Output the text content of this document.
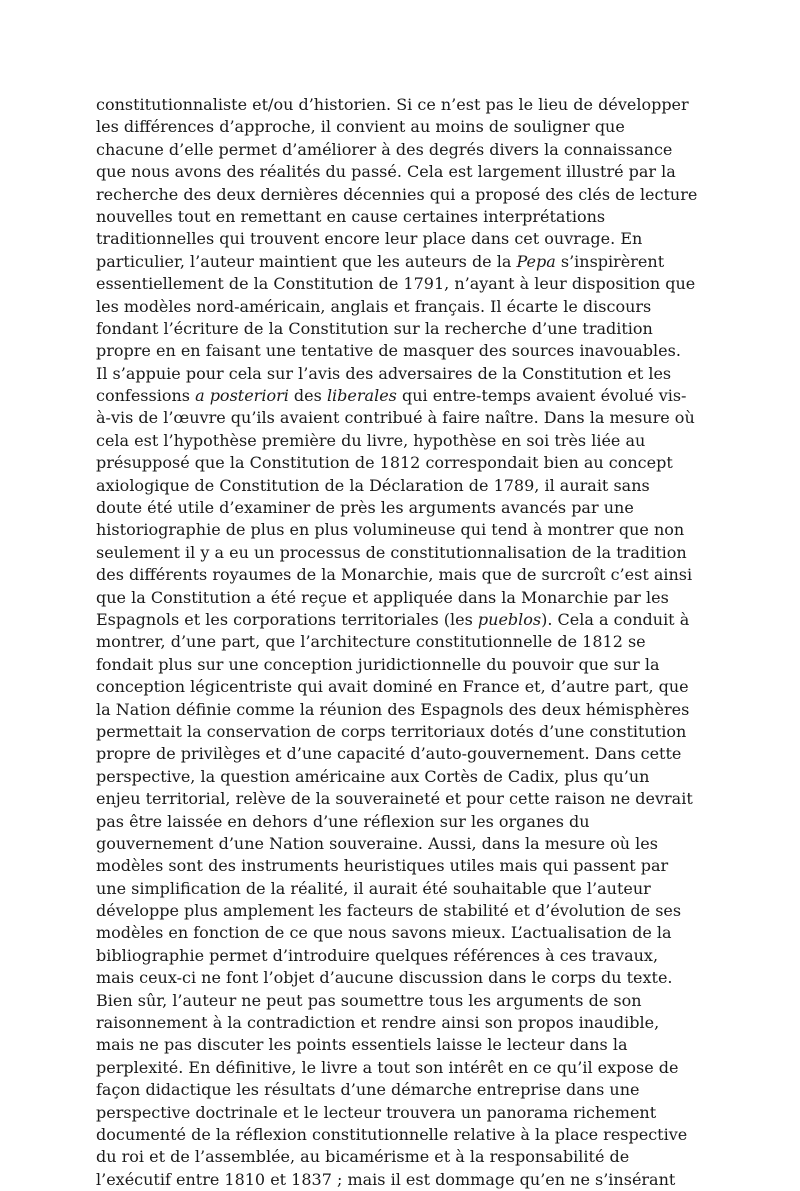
constitutionnaliste et/ou d’historien. Si ce n’est pas le lieu de développer
les différences d’approche, il convient au moins de souligner que
chacune d’elle permet d’améliorer à des degrés divers la connaissance
que nous avons des réalités du passé. Cela est largement illustré par la
recherche des deux dernières décennies qui a proposé des clés de lecture
nouvelles tout en remettant en cause certaines interprétations
traditionnelles qui trouvent encore leur place dans cet ouvrage. En
particulier, l’auteur maintient que les auteurs de la Pepa s’inspirèrent
essentiellement de la Constitution de 1791, n’ayant à leur disposition que
les modèles nord-américain, anglais et français. Il écarte le discours
fondant l’écriture de la Constitution sur la recherche d’une tradition
propre en en faisant une tentative de masquer des sources inavouables.
Il s’appuie pour cela sur l’avis des adversaires de la Constitution et les
confessions a posteriori des liberales qui entre-temps avaient évolué vis-
à-vis de l’œuvre qu’ils avaient contribué à faire naître. Dans la mesure où
cela est l’hypothèse première du livre, hypothèse en soi très liée au
présupposé que la Constitution de 1812 correspondait bien au concept
axiologique de Constitution de la Déclaration de 1789, il aurait sans
doute été utile d’examiner de près les arguments avancés par une
historiographie de plus en plus volumineuse qui tend à montrer que non
seulement il y a eu un processus de constitutionnalisation de la tradition
des différents royaumes de la Monarchie, mais que de surcroît c’est ainsi
que la Constitution a été reçue et appliquée dans la Monarchie par les
Espagnols et les corporations territoriales (les pueblos). Cela a conduit à
montrer, d’une part, que l’architecture constitutionnelle de 1812 se
fondait plus sur une conception juridictionnelle du pouvoir que sur la
conception légicentriste qui avait dominé en France et, d’autre part, que
la Nation définie comme la réunion des Espagnols des deux hémisphères
permettait la conservation de corps territoriaux dotés d’une constitution
propre de privilèges et d’une capacité d’auto-gouvernement. Dans cette
perspective, la question américaine aux Cortès de Cadix, plus qu’un
enjeu territorial, relève de la souveraineté et pour cette raison ne devrait
pas être laissée en dehors d’une réflexion sur les organes du
gouvernement d’une Nation souveraine. Aussi, dans la mesure où les
modèles sont des instruments heuristiques utiles mais qui passent par
une simplification de la réalité, il aurait été souhaitable que l’auteur
développe plus amplement les facteurs de stabilité et d’évolution de ses
modèles en fonction de ce que nous savons mieux. L’actualisation de la
bibliographie permet d’introduire quelques références à ces travaux,
mais ceux-ci ne font l’objet d’aucune discussion dans le corps du texte.
Bien sûr, l’auteur ne peut pas soumettre tous les arguments de son
raisonnement à la contradiction et rendre ainsi son propos inaudible,
mais ne pas discuter les points essentiels laisse le lecteur dans la
perplexité. En définitive, le livre a tout son intérêt en ce qu’il expose de
façon didactique les résultats d’une démarche entreprise dans une
perspective doctrinale et le lecteur trouvera un panorama richement
documenté de la réflexion constitutionnelle relative à la place respective
du roi et de l’assemblée, au bicamérisme et à la responsabilité de
l’exécutif entre 1810 et 1837 ; mais il est dommage qu’en ne s’insérant
